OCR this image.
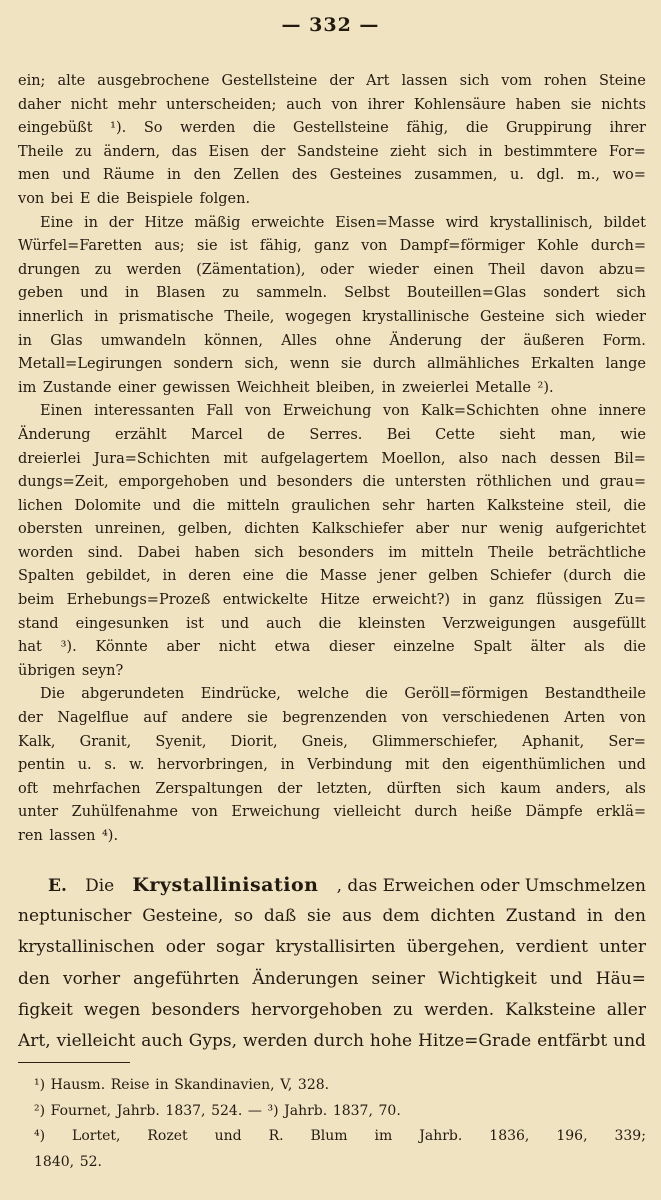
— 332 —
ein; alte ausgebrochene Gestellsteine der Art lassen sich vom rohen Steine
daher nicht mehr unterscheiden; auch von ihrer Kohlensäure haben sie nichts
eingebüßt ¹). So werden die Gestellsteine fähig, die Gruppirung ihrer
Theile zu ändern, das Eisen der Sandsteine zieht sich in bestimmtere For=
men und Räume in den Zellen des Gesteines zusammen, u. dgl. m., wo=
von bei E die Beispiele folgen.
Eine in der Hitze mäßig erweichte Eisen=Masse wird krystallinisch, bildet
Würfel=Faretten aus; sie ist fähig, ganz von Dampf=förmiger Kohle durch=
drungen zu werden (Zämentation), oder wieder einen Theil davon abzu=
geben und in Blasen zu sammeln. Selbst Bouteillen=Glas sondert sich
innerlich in prismatische Theile, wogegen krystallinische Gesteine sich wieder
in Glas umwandeln können, Alles ohne Änderung der äußeren Form.
Metall=Legirungen sondern sich, wenn sie durch allmähliches Erkalten lange
im Zustande einer gewissen Weichheit bleiben, in zweierlei Metalle ²).
Einen interessanten Fall von Erweichung von Kalk=Schichten ohne innere
Änderung erzählt Marcel de Serres. Bei Cette sieht man, wie
dreierlei Jura=Schichten mit aufgelagertem Moellon, also nach dessen Bil=
dungs=Zeit, emporgehoben und besonders die untersten röthlichen und grau=
lichen Dolomite und die mitteln graulichen sehr harten Kalksteine steil, die
obersten unreinen, gelben, dichten Kalkschiefer aber nur wenig aufgerichtet
worden sind. Dabei haben sich besonders im mitteln Theile beträchtliche
Spalten gebildet, in deren eine die Masse jener gelben Schiefer (durch die
beim Erhebungs=Prozeß entwickelte Hitze erweicht?) in ganz flüssigen Zu=
stand eingesunken ist und auch die kleinsten Verzweigungen ausgefüllt
hat ³). Könnte aber nicht etwa dieser einzelne Spalt älter als die
übrigen seyn?
Die abgerundeten Eindrücke, welche die Geröll=förmigen Bestandtheile
der Nagelflue auf andere sie begrenzenden von verschiedenen Arten von
Kalk, Granit, Syenit, Diorit, Gneis, Glimmerschiefer, Aphanit, Ser=
pentin u. s. w. hervorbringen, in Verbindung mit den eigenthümlichen und
oft mehrfachen Zerspaltungen der letzten, dürften sich kaum anders, als
unter Zuhülfenahme von Erweichung vielleicht durch heiße Dämpfe erklä=
ren lassen ⁴).
E. Die Krystallinisation , das Erweichen oder Umschmelzen
neptunischer Gesteine, so daß sie aus dem dichten Zustand in den
krystallinischen oder sogar krystallisirten übergehen, verdient unter
den vorher angeführten Änderungen seiner Wichtigkeit und Häu=
figkeit wegen besonders hervorgehoben zu werden. Kalksteine aller
Art, vielleicht auch Gyps, werden durch hohe Hitze=Grade entfärbt und
¹) Hausm. Reise in Skandinavien, V, 328.
²) Fournet, Jahrb. 1837, 524. — ³) Jahrb. 1837, 70.
⁴) Lortet, Rozet und R. Blum im Jahrb. 1836, 196, 339;
1840, 52.
